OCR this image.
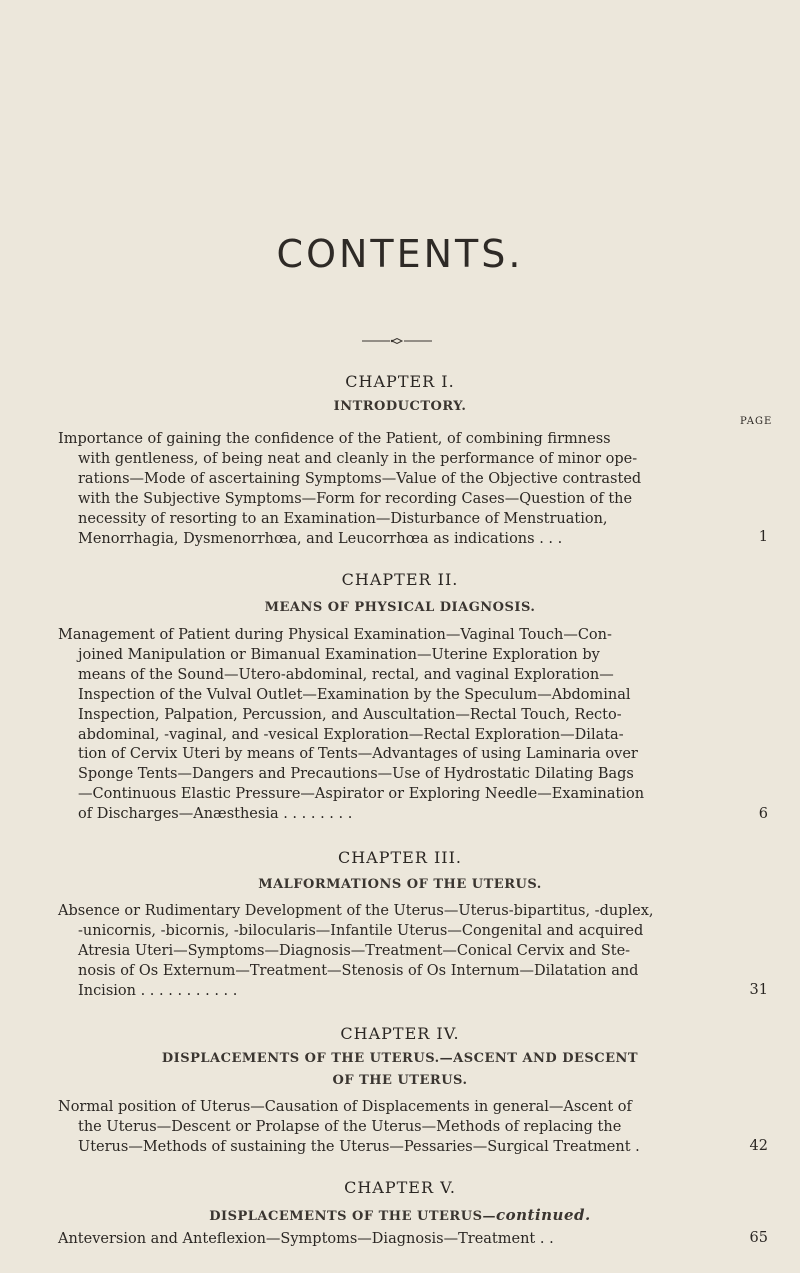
CONTENTS.
CHAPTER I.
INTRODUCTORY.
PAGE
Importance of gaining the confidence of the Patient, of combining firmness
with gentleness, of being neat and cleanly in the performance of minor ope-
rations—Mode of ascertaining Symptoms—Value of the Objective contrasted
with the Subjective Symptoms—Form for recording Cases—Question of the
necessity of resorting to an Examination—Disturbance of Menstruation,
Menorrhagia, Dysmenorrhœa, and Leucorrhœa as indications . . .	1
CHAPTER II.
MEANS OF PHYSICAL DIAGNOSIS.
Management of Patient during Physical Examination—Vaginal Touch—Con-
joined Manipulation or Bimanual Examination—Uterine Exploration by
means of the Sound—Utero-abdominal, rectal, and vaginal Exploration—
Inspection of the Vulval Outlet—Examination by the Speculum—Abdominal
Inspection, Palpation, Percussion, and Auscultation—Rectal Touch, Recto-
abdominal, -vaginal, and -vesical Exploration—Rectal Exploration—Dilata-
tion of Cervix Uteri by means of Tents—Advantages of using Laminaria over
Sponge Tents—Dangers and Precautions—Use of Hydrostatic Dilating Bags
—Continuous Elastic Pressure—Aspirator or Exploring Needle—Examination
of Discharges—Anæsthesia . . . . . . . .	6
CHAPTER III.
MALFORMATIONS OF THE UTERUS.
Absence or Rudimentary Development of the Uterus—Uterus-bipartitus, -duplex,
-unicornis, -bicornis, -bilocularis—Infantile Uterus—Congenital and acquired
Atresia Uteri—Symptoms—Diagnosis—Treatment—Conical Cervix and Ste-
nosis of Os Externum—Treatment—Stenosis of Os Internum—Dilatation and
Incision . . . . . . . . . . .	31
CHAPTER IV.
DISPLACEMENTS OF THE UTERUS.—ASCENT AND DESCENT
OF THE UTERUS.
Normal position of Uterus—Causation of Displacements in general—Ascent of
the Uterus—Descent or Prolapse of the Uterus—Methods of replacing the
Uterus—Methods of sustaining the Uterus—Pessaries—Surgical Treatment .	42
CHAPTER V.
DISPLACEMENTS OF THE UTERUS—continued.
Anteversion and Anteflexion—Symptoms—Diagnosis—Treatment . .	65
